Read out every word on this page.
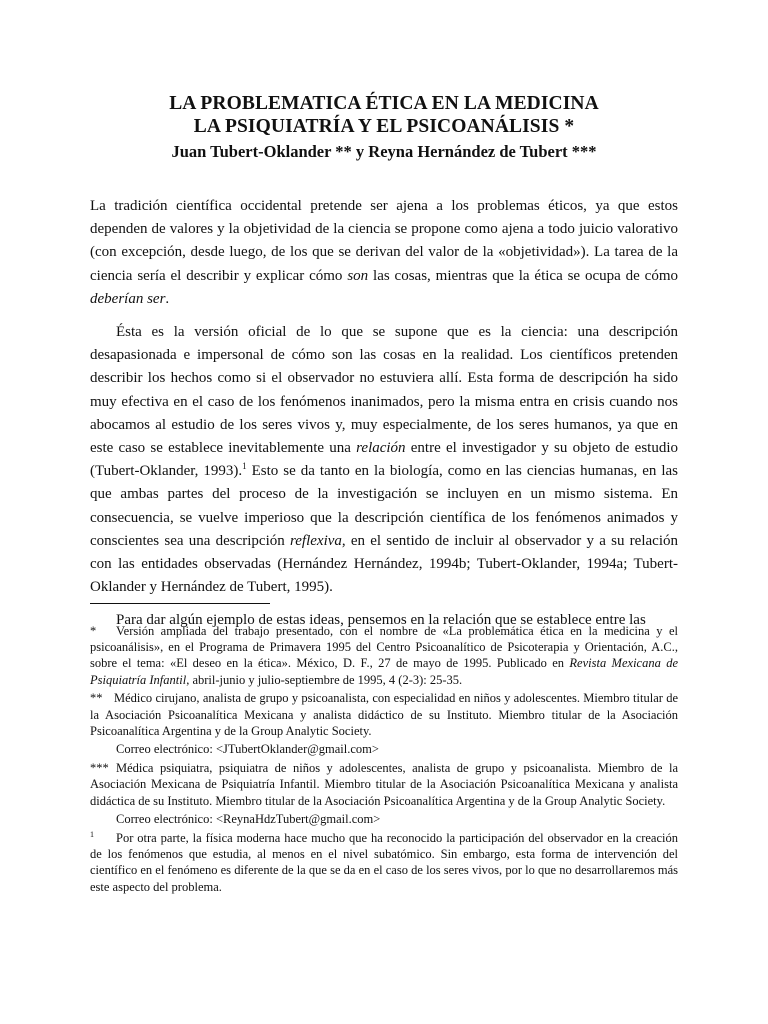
LA PROBLEMATICA ÉTICA EN LA MEDICINA
LA PSIQUIATRÍA Y EL PSICOANÁLISIS *

Juan Tubert-Oklander ** y Reyna Hernández de Tubert ***

La tradición científica occidental pretende ser ajena a los problemas éticos, ya que estos dependen de valores y la objetividad de la ciencia se propone como ajena a todo juicio valorativo (con excepción, desde luego, de los que se derivan del valor de la «objetividad»). La tarea de la ciencia sería el describir y explicar cómo son las cosas, mientras que la ética se ocupa de cómo deberían ser.

Ésta es la versión oficial de lo que se supone que es la ciencia: una descripción desapasionada e impersonal de cómo son las cosas en la realidad. Los científicos pretenden describir los hechos como si el observador no estuviera allí. Esta forma de descripción ha sido muy efectiva en el caso de los fenómenos inanimados, pero la misma entra en crisis cuando nos abocamos al estudio de los seres vivos y, muy especialmente, de los seres humanos, ya que en este caso se establece inevitablemente una relación entre el investigador y su objeto de estudio (Tubert-Oklander, 1993).$^1$ Esto se da tanto en la biología, como en las ciencias humanas, en las que ambas partes del proceso de la investigación se incluyen en un mismo sistema. En consecuencia, se vuelve imperioso que la descripción científica de los fenómenos animados y conscientes sea una descripción reflexiva, en el sentido de incluir al observador y a su relación con las entidades observadas (Hernández Hernández, 1994b; Tubert-Oklander, 1994a; Tubert-Oklander y Hernández de Tubert, 1995).

Para dar algún ejemplo de estas ideas, pensemos en la relación que se establece entre las

* Versión ampliada del trabajo presentado, con el nombre de «La problemática ética en la medicina y el psicoanálisis», en el Programa de Primavera 1995 del Centro Psicoanalítico de Psicoterapia y Orientación, A.C., sobre el tema: «El deseo en la ética». México, D. F., 27 de mayo de 1995. Publicado en Revista Mexicana de Psiquiatría Infantil, abril-junio y julio-septiembre de 1995, 4 (2-3): 25-35.

** Médico cirujano, analista de grupo y psicoanalista, con especialidad en niños y adolescentes. Miembro titular de la Asociación Psicoanalítica Mexicana y analista didáctico de su Instituto. Miembro titular de la Asociación Psicoanalítica Argentina y de la Group Analytic Society.

Correo electrónico: <JTubertOklander@gmail.com>

*** Médica psiquiatra, psiquiatra de niños y adolescentes, analista de grupo y psicoanalista. Miembro de la Asociación Mexicana de Psiquiatría Infantil. Miembro titular de la Asociación Psicoanalítica Mexicana y analista didáctica de su Instituto. Miembro titular de la Asociación Psicoanalítica Argentina y de la Group Analytic Society.

Correo electrónico: <ReynaHdzTubert@gmail.com>

$^1$ Por otra parte, la física moderna hace mucho que ha reconocido la participación del observador en la creación de los fenómenos que estudia, al menos en el nivel subatómico. Sin embargo, esta forma de intervención del científico en el fenómeno es diferente de la que se da en el caso de los seres vivos, por lo que no desarrollaremos más este aspecto del problema.
